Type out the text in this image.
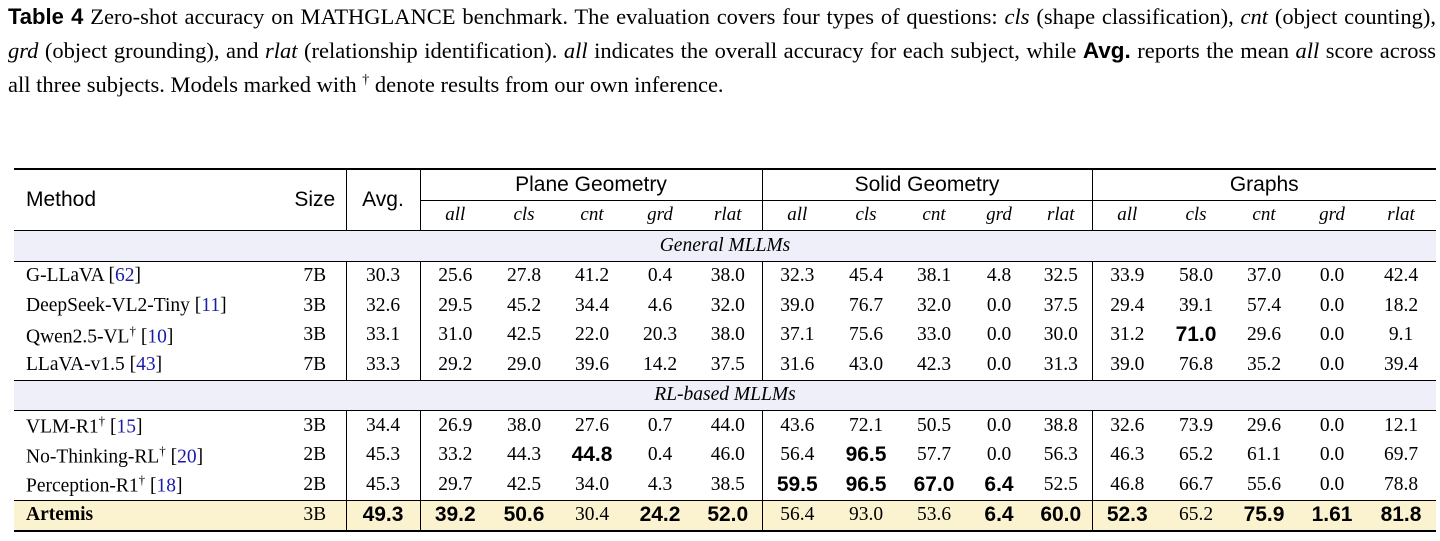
Table 4 Zero-shot accuracy on MATHGLANCE benchmark. The evaluation covers four types of questions: cls (shape classification), cnt (object counting), grd (object grounding), and rlat (relationship identification). all indicates the overall accuracy for each subject, while Avg. reports the mean all score across all three subjects. Models marked with † denote results from our own inference.
Method	Size	Avg.	Plane Geometry					Solid Geometry					Graphs				
			all	cls	cnt	grd	rlat	all	cls	cnt	grd	rlat	all	cls	cnt	grd	rlat
General MLLMs																	
G-LLaVA [62]	7B	30.3	25.6	27.8	41.2	0.4	38.0	32.3	45.4	38.1	4.8	32.5	33.9	58.0	37.0	0.0	42.4
DeepSeek-VL2-Tiny [11]	3B	32.6	29.5	45.2	34.4	4.6	32.0	39.0	76.7	32.0	0.0	37.5	29.4	39.1	57.4	0.0	18.2
Qwen2.5-VL† [10]	3B	33.1	31.0	42.5	22.0	20.3	38.0	37.1	75.6	33.0	0.0	30.0	31.2	71.0	29.6	0.0	9.1
LLaVA-v1.5 [43]	7B	33.3	29.2	29.0	39.6	14.2	37.5	31.6	43.0	42.3	0.0	31.3	39.0	76.8	35.2	0.0	39.4
RL-based MLLMs																	
VLM-R1† [15]	3B	34.4	26.9	38.0	27.6	0.7	44.0	43.6	72.1	50.5	0.0	38.8	32.6	73.9	29.6	0.0	12.1
No-Thinking-RL† [20]	2B	45.3	33.2	44.3	44.8	0.4	46.0	56.4	96.5	57.7	0.0	56.3	46.3	65.2	61.1	0.0	69.7
Perception-R1† [18]	2B	45.3	29.7	42.5	34.0	4.3	38.5	59.5	96.5	67.0	6.4	52.5	46.8	66.7	55.6	0.0	78.8
Artemis	3B	49.3	39.2	50.6	30.4	24.2	52.0	56.4	93.0	53.6	6.4	60.0	52.3	65.2	75.9	1.61	81.8
